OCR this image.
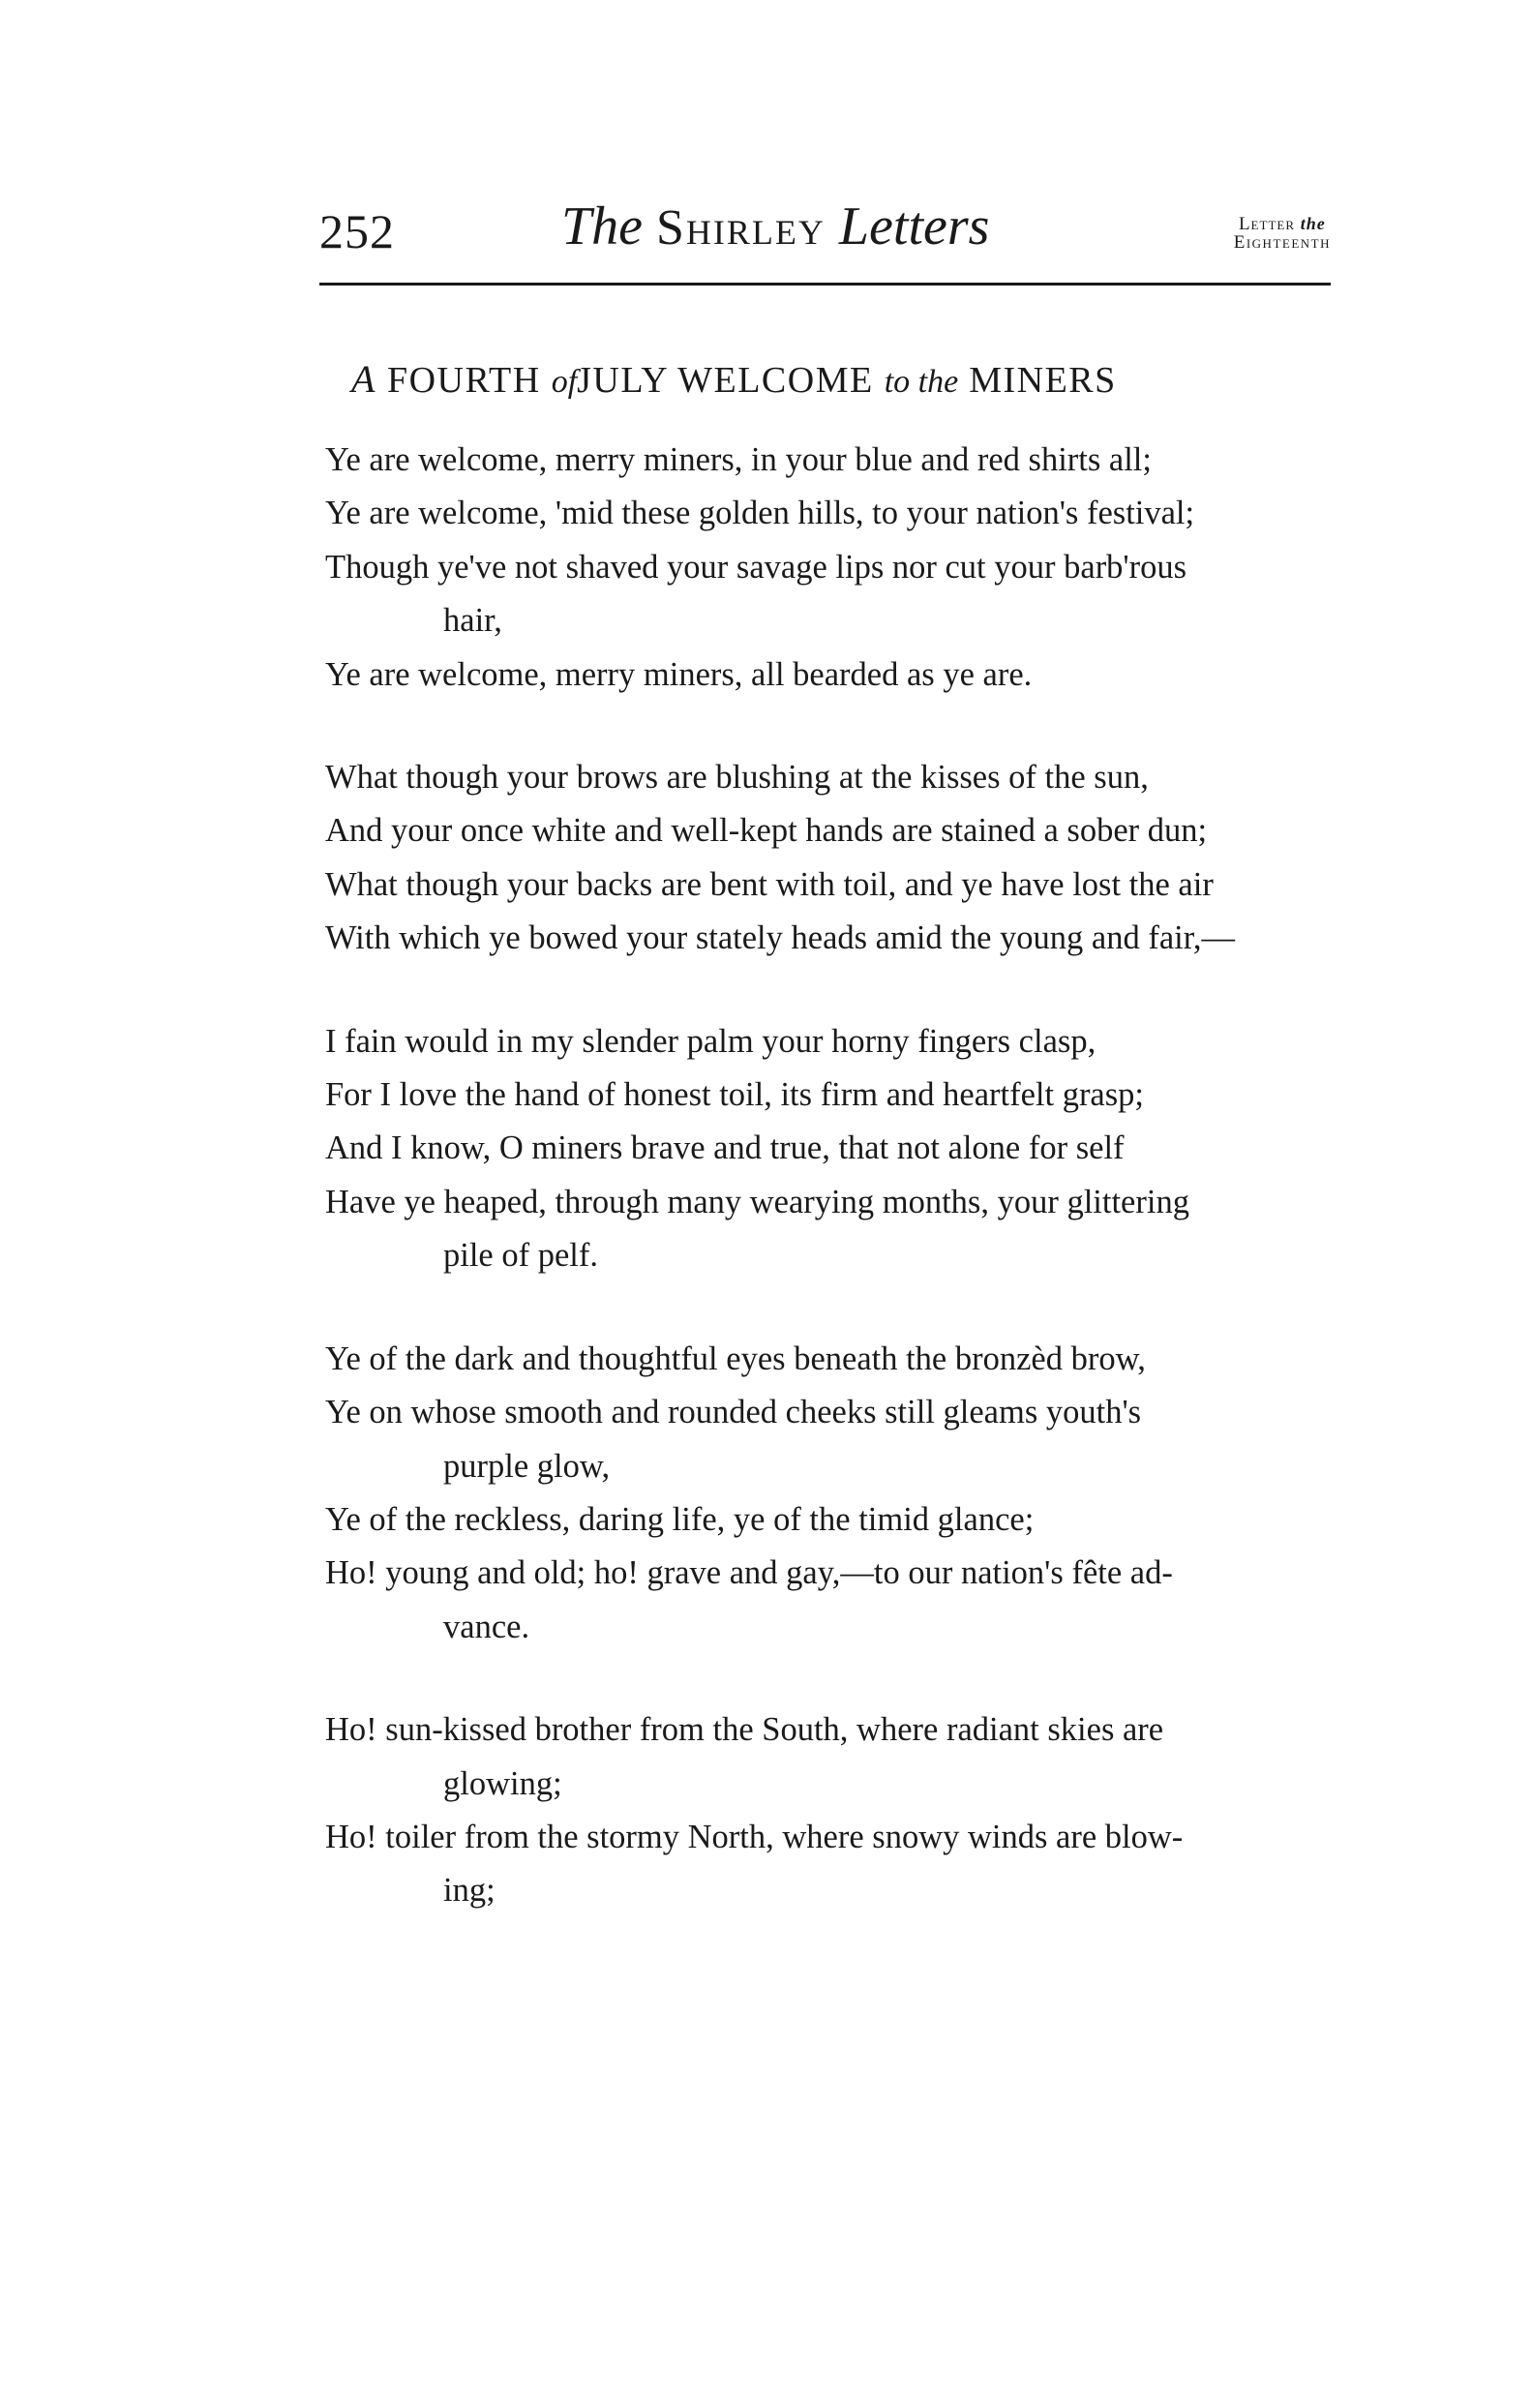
252	The Shirley Letters	Letter the
Eighteenth
A FOURTH ofJULY WELCOME to the MINERS
Ye are welcome, merry miners, in your blue and red shirts all;
Ye are welcome, 'mid these golden hills, to your nation's festival;
Though ye've not shaved your savage lips nor cut your barb'rous
hair,
Ye are welcome, merry miners, all bearded as ye are.
What though your brows are blushing at the kisses of the sun,
And your once white and well-kept hands are stained a sober dun;
What though your backs are bent with toil, and ye have lost the air
With which ye bowed your stately heads amid the young and fair,—
I fain would in my slender palm your horny fingers clasp,
For I love the hand of honest toil, its firm and heartfelt grasp;
And I know, O miners brave and true, that not alone for self
Have ye heaped, through many wearying months, your glittering
pile of pelf.
Ye of the dark and thoughtful eyes beneath the bronzèd brow,
Ye on whose smooth and rounded cheeks still gleams youth's
purple glow,
Ye of the reckless, daring life, ye of the timid glance;
Ho! young and old; ho! grave and gay,—to our nation's fête ad-
vance.
Ho! sun-kissed brother from the South, where radiant skies are
glowing;
Ho! toiler from the stormy North, where snowy winds are blow-
ing;
